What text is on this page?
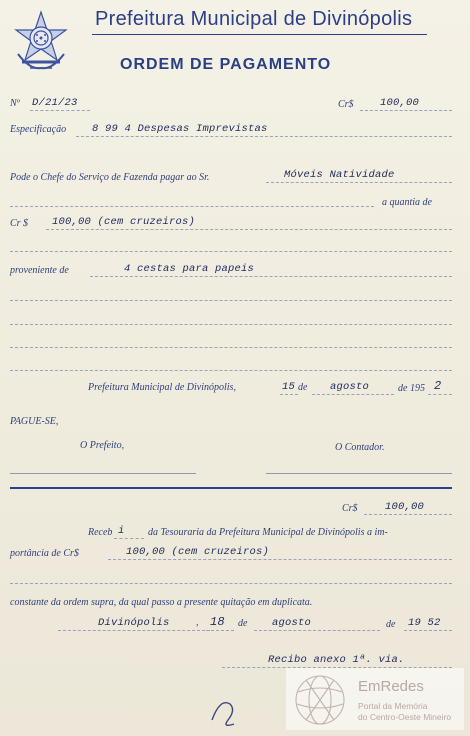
Prefeitura Municipal de Divinópolis
ORDEM DE PAGAMENTO
Nº D/21/23	Cr$	100,00
Especificação 8 99 4 Despesas Imprevistas
Pode o Chefe do Serviço de Fazenda pagar ao Sr.	Móveis Natividade
a quantia de
Cr $ 100,00 (cem cruzeiros)
proveniente de	4 cestas para papeis
Prefeitura Municipal de Divinópolis,	15 de agosto	de 195 2
PAGUE-SE,
O Prefeito,	O Contador.
Cr$	100,00
Receb i da Tesouraria da Prefeitura Municipal de Divinópolis a im-
portância de Cr$	100,00 (cem cruzeiros)
constante da ordem supra, da qual passo a presente quitação em duplicata.
Divinópolis	, 18 de agosto	de 19 52
Recibo anexo 1ª. via.
EmRedes
Portal da Memória
do Centro-Oeste Mineiro
